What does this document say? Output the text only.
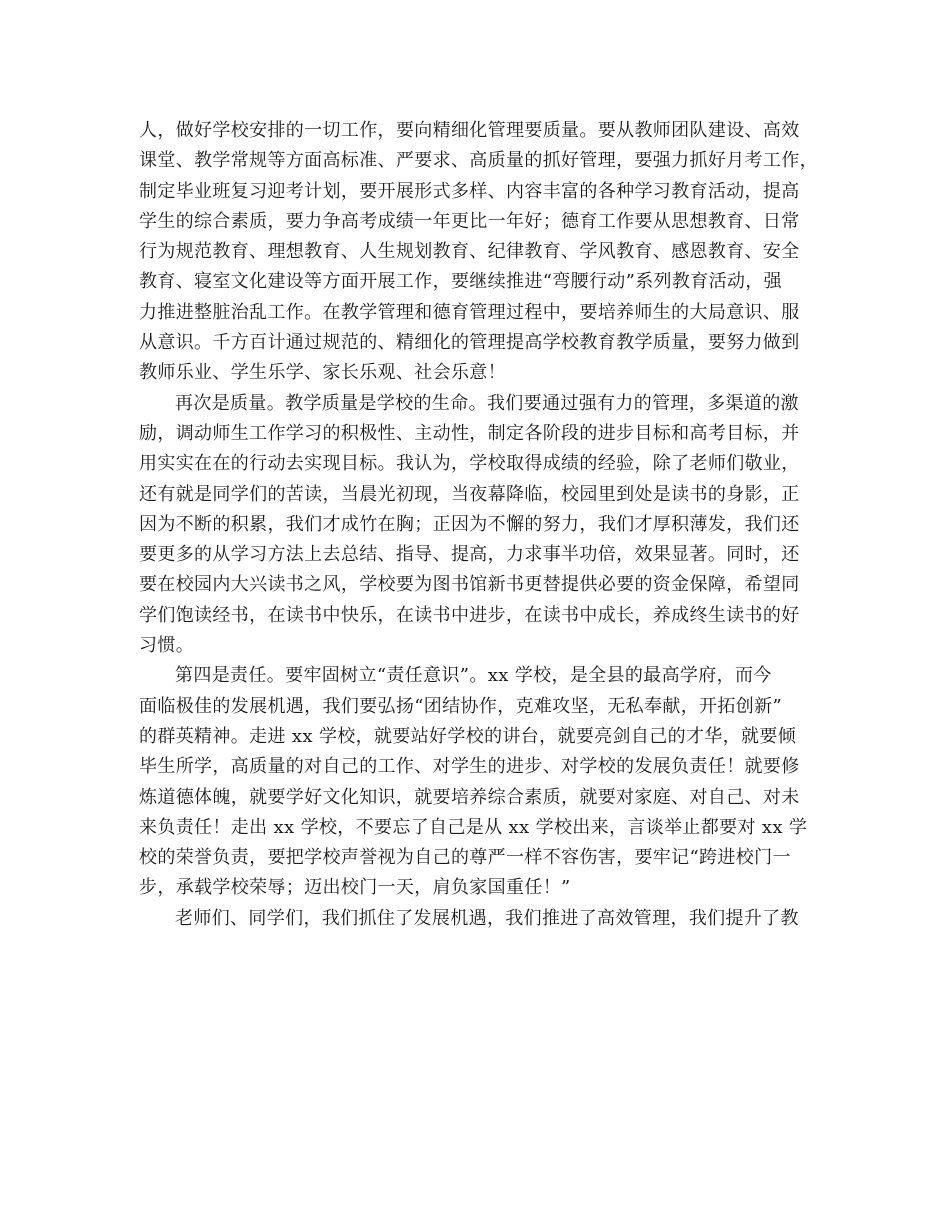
人，做好学校安排的一切工作，要向精细化管理要质量。要从教师团队建设、高效
课堂、教学常规等方面高标准、严要求、高质量的抓好管理，要强力抓好月考工作，
制定毕业班复习迎考计划，要开展形式多样、内容丰富的各种学习教育活动，提高
学生的综合素质，要力争高考成绩一年更比一年好；德育工作要从思想教育、日常
行为规范教育、理想教育、人生规划教育、纪律教育、学风教育、感恩教育、安全
教育、寝室文化建设等方面开展工作，要继续推进“弯腰行动”系列教育活动，强
力推进整脏治乱工作。在教学管理和德育管理过程中，要培养师生的大局意识、服
从意识。千方百计通过规范的、精细化的管理提高学校教育教学质量，要努力做到
教师乐业、学生乐学、家长乐观、社会乐意！
再次是质量。教学质量是学校的生命。我们要通过强有力的管理，多渠道的激
励，调动师生工作学习的积极性、主动性，制定各阶段的进步目标和高考目标，并
用实实在在的行动去实现目标。我认为，学校取得成绩的经验，除了老师们敬业，
还有就是同学们的苦读，当晨光初现，当夜幕降临，校园里到处是读书的身影，正
因为不断的积累，我们才成竹在胸；正因为不懈的努力，我们才厚积薄发，我们还
要更多的从学习方法上去总结、指导、提高，力求事半功倍，效果显著。同时，还
要在校园内大兴读书之风，学校要为图书馆新书更替提供必要的资金保障，希望同
学们饱读经书，在读书中快乐，在读书中进步，在读书中成长，养成终生读书的好
习惯。
第四是责任。要牢固树立“责任意识”。xx 学校，是全县的最高学府，而今
面临极佳的发展机遇，我们要弘扬“团结协作，克难攻坚，无私奉献，开拓创新”
的群英精神。走进 xx 学校，就要站好学校的讲台，就要亮剑自己的才华，就要倾
毕生所学，高质量的对自己的工作、对学生的进步、对学校的发展负责任！就要修
炼道德体魄，就要学好文化知识，就要培养综合素质，就要对家庭、对自己、对未
来负责任！走出 xx 学校，不要忘了自己是从 xx 学校出来，言谈举止都要对 xx 学
校的荣誉负责，要把学校声誉视为自己的尊严一样不容伤害，要牢记“跨进校门一
步，承载学校荣辱；迈出校门一天，肩负家国重任！”
老师们、同学们，我们抓住了发展机遇，我们推进了高效管理，我们提升了教
